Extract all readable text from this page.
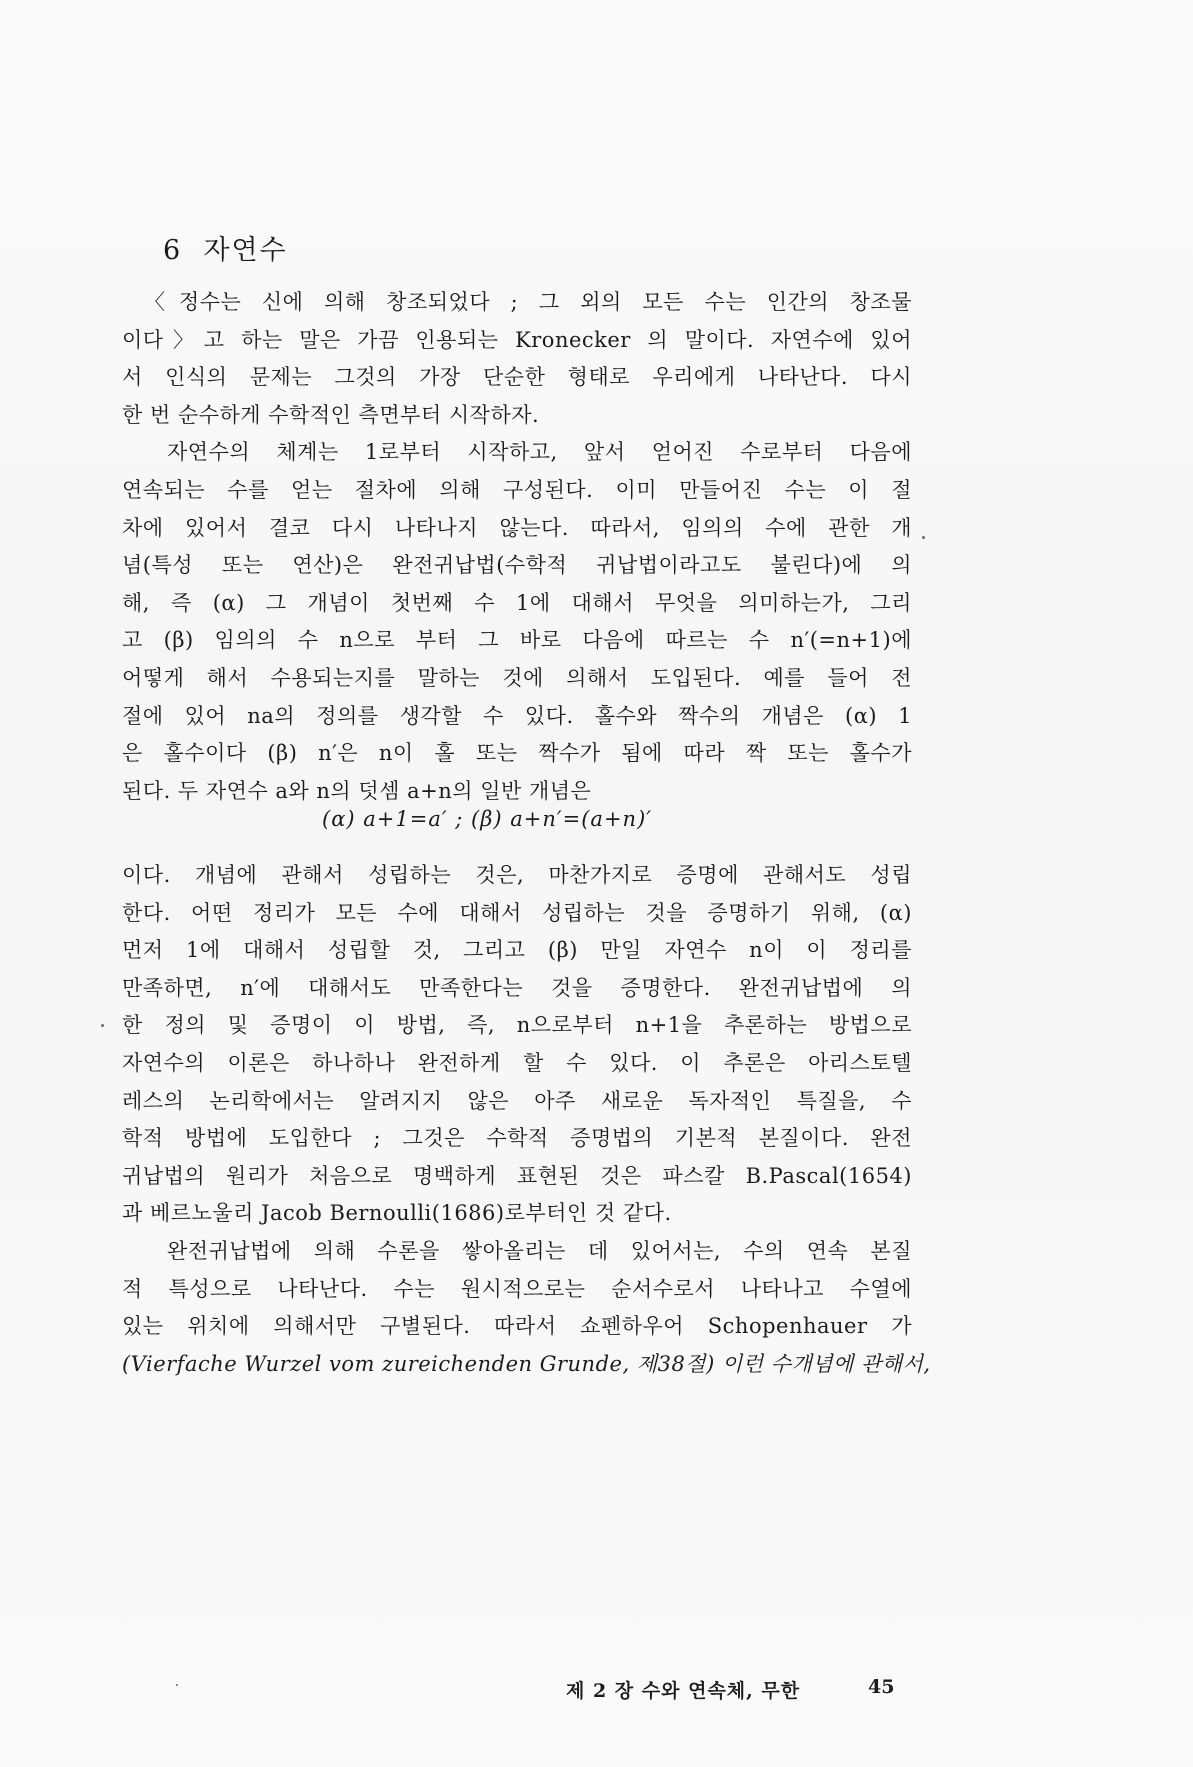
6 자연수
〈정수는 신에 의해 창조되었다 ; 그 외의 모든 수는 인간의 창조물
이다〉고 하는 말은 가끔 인용되는 Kronecker 의 말이다. 자연수에 있어
서 인식의 문제는 그것의 가장 단순한 형태로 우리에게 나타난다. 다시
한 번 순수하게 수학적인 측면부터 시작하자.
자연수의 체계는 1로부터 시작하고, 앞서 얻어진 수로부터 다음에
연속되는 수를 얻는 절차에 의해 구성된다. 이미 만들어진 수는 이 절
차에 있어서 결코 다시 나타나지 않는다. 따라서, 임의의 수에 관한 개
념(특성 또는 연산)은 완전귀납법(수학적 귀납법이라고도 불린다)에 의
해, 즉 (α) 그 개념이 첫번째 수 1에 대해서 무엇을 의미하는가, 그리
고 (β) 임의의 수 n으로 부터 그 바로 다음에 따르는 수 n′(=n+1)에
어떻게 해서 수용되는지를 말하는 것에 의해서 도입된다. 예를 들어 전
절에 있어 na의 정의를 생각할 수 있다. 홀수와 짝수의 개념은 (α) 1
은 홀수이다 (β) n′은 n이 홀 또는 짝수가 됨에 따라 짝 또는 홀수가
된다. 두 자연수 a와 n의 덧셈 a+n의 일반 개념은
(α) a+1=a′ ; (β) a+n′=(a+n)′
이다. 개념에 관해서 성립하는 것은, 마찬가지로 증명에 관해서도 성립
한다. 어떤 정리가 모든 수에 대해서 성립하는 것을 증명하기 위해, (α)
먼저 1에 대해서 성립할 것, 그리고 (β) 만일 자연수 n이 이 정리를
만족하면, n′에 대해서도 만족한다는 것을 증명한다. 완전귀납법에 의
한 정의 및 증명이 이 방법, 즉, n으로부터 n+1을 추론하는 방법으로
자연수의 이론은 하나하나 완전하게 할 수 있다. 이 추론은 아리스토텔
레스의 논리학에서는 알려지지 않은 아주 새로운 독자적인 특질을, 수
학적 방법에 도입한다 ; 그것은 수학적 증명법의 기본적 본질이다. 완전
귀납법의 원리가 처음으로 명백하게 표현된 것은 파스칼 B.Pascal(1654)
과 베르노울리 Jacob Bernoulli(1686)로부터인 것 같다.
완전귀납법에 의해 수론을 쌓아올리는 데 있어서는, 수의 연속 본질
적 특성으로 나타난다. 수는 원시적으로는 순서수로서 나타나고 수열에
있는 위치에 의해서만 구별된다. 따라서 쇼펜하우어 Schopenhauer 가
(Vierfache Wurzel vom zureichenden Grunde, 제38절) 이런 수개념에 관해서,
제 2 장 수와 연속체, 무한	45
